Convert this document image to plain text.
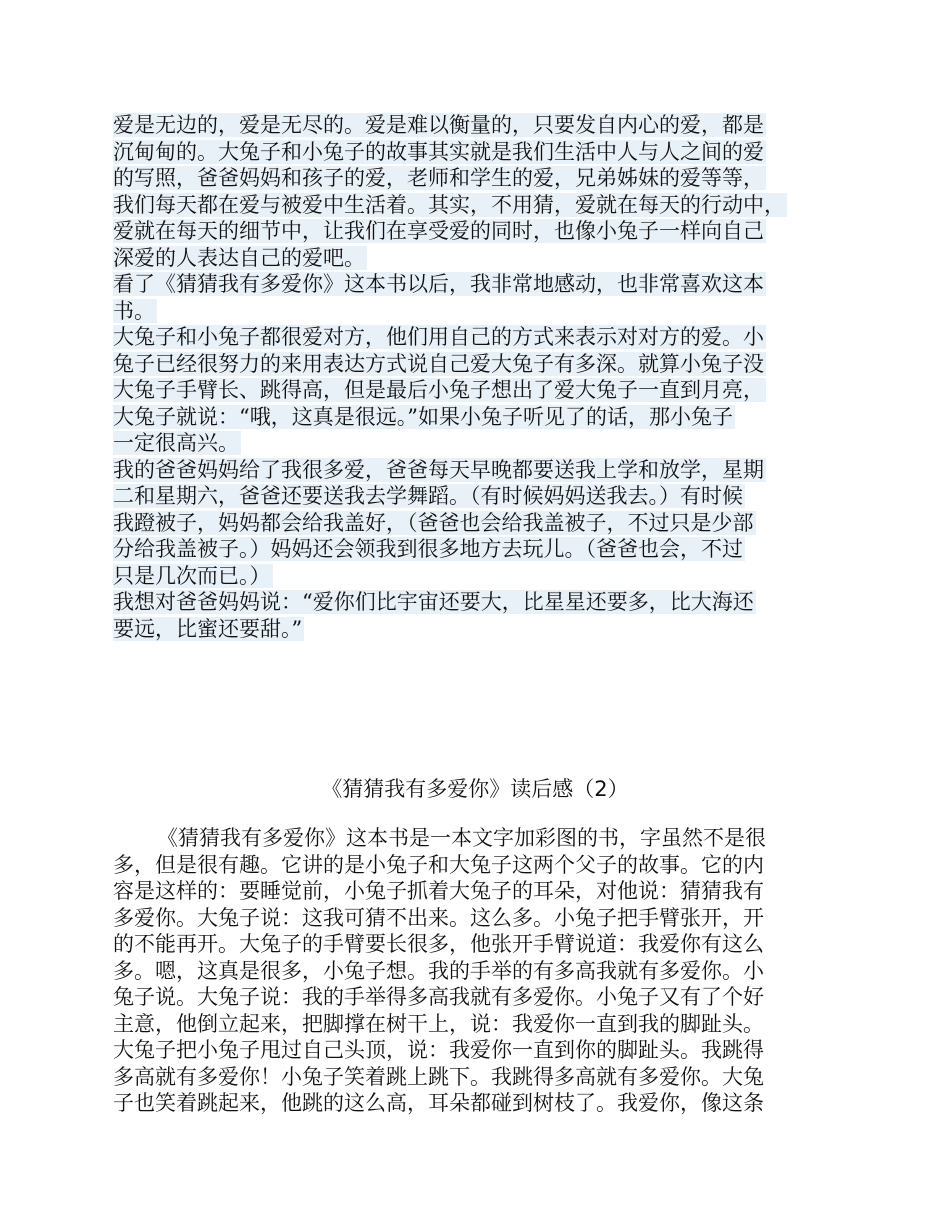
爱是无边的，爱是无尽的。爱是难以衡量的，只要发自内心的爱，都是
沉甸甸的。大兔子和小兔子的故事其实就是我们生活中人与人之间的爱
的写照，爸爸妈妈和孩子的爱，老师和学生的爱，兄弟姊妹的爱等等，
我们每天都在爱与被爱中生活着。其实，不用猜，爱就在每天的行动中，
爱就在每天的细节中，让我们在享受爱的同时，也像小兔子一样向自己
深爱的人表达自己的爱吧。
看了《猜猜我有多爱你》这本书以后，我非常地感动，也非常喜欢这本
书。
大兔子和小兔子都很爱对方，他们用自己的方式来表示对对方的爱。小
兔子已经很努力的来用表达方式说自己爱大兔子有多深。就算小兔子没
大兔子手臂长、跳得高，但是最后小兔子想出了爱大兔子一直到月亮，
大兔子就说：“哦，这真是很远。”如果小兔子听见了的话，那小兔子
一定很高兴。
我的爸爸妈妈给了我很多爱，爸爸每天早晚都要送我上学和放学，星期
二和星期六，爸爸还要送我去学舞蹈。（有时候妈妈送我去。）有时候
我蹬被子，妈妈都会给我盖好，（爸爸也会给我盖被子，不过只是少部
分给我盖被子。）妈妈还会领我到很多地方去玩儿。（爸爸也会，不过
只是几次而已。）
我想对爸爸妈妈说：“爱你们比宇宙还要大，比星星还要多，比大海还
要远，比蜜还要甜。”
《猜猜我有多爱你》读后感（2）
《猜猜我有多爱你》这本书是一本文字加彩图的书，字虽然不是很
多，但是很有趣。它讲的是小兔子和大兔子这两个父子的故事。它的内
容是这样的：要睡觉前，小兔子抓着大兔子的耳朵，对他说：猜猜我有
多爱你。大兔子说：这我可猜不出来。这么多。小兔子把手臂张开，开
的不能再开。大兔子的手臂要长很多，他张开手臂说道：我爱你有这么
多。嗯，这真是很多，小兔子想。我的手举的有多高我就有多爱你。小
兔子说。大兔子说：我的手举得多高我就有多爱你。小兔子又有了个好
主意，他倒立起来，把脚撑在树干上，说：我爱你一直到我的脚趾头。
大兔子把小兔子甩过自己头顶，说：我爱你一直到你的脚趾头。我跳得
多高就有多爱你！小兔子笑着跳上跳下。我跳得多高就有多爱你。大兔
子也笑着跳起来，他跳的这么高，耳朵都碰到树枝了。我爱你，像这条
